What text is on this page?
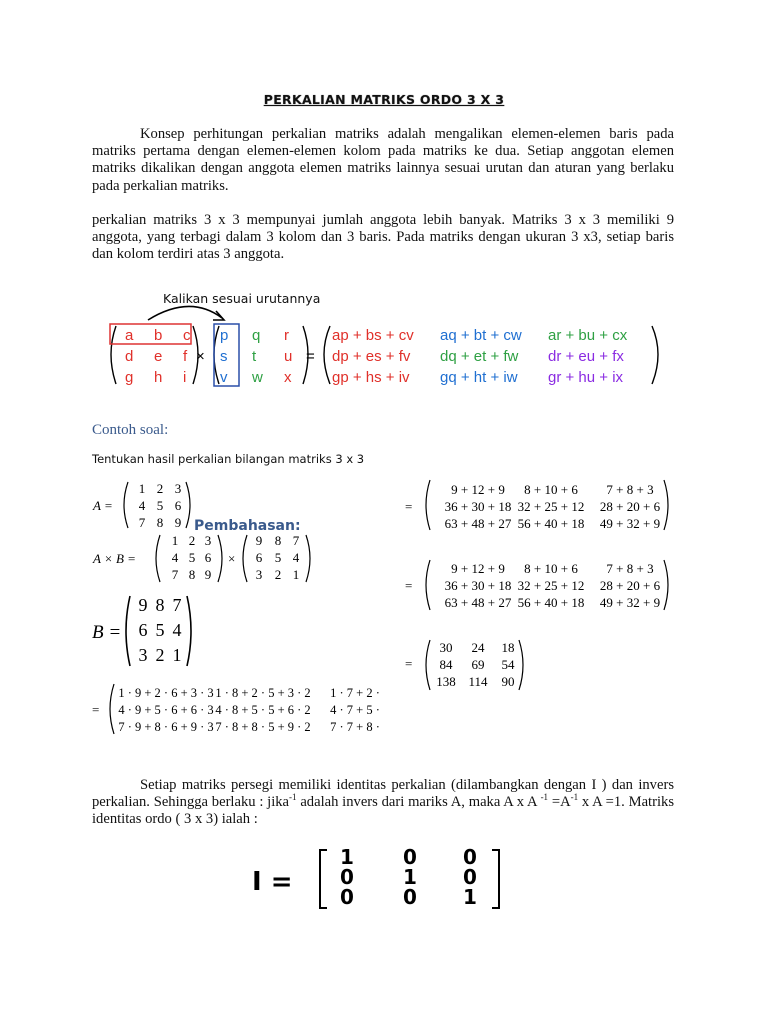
PERKALIAN MATRIKS ORDO 3 X 3

Konsep perhitungan perkalian matriks adalah mengalikan elemen-elemen baris pada matriks pertama dengan elemen-elemen kolom pada matriks ke dua. Setiap anggotan elemen matriks dikalikan dengan anggota elemen matriks lainnya sesuai urutan dan aturan yang berlaku pada perkalian matriks.

perkalian matriks 3 x 3 mempunyai jumlah anggota lebih banyak. Matriks 3 x 3 memiliki 9 anggota, yang terbagi dalam 3 kolom dan 3 baris. Pada matriks dengan ukuran 3 x3, setiap baris dan kolom terdiri atas 3 anggota.

Kalikan sesuai urutannya
a b c
d e f
g h i
p q r
s t u
v w x
×	=
ap + bs + cv aq + bt + cw ar + bu + cx
dp + es + fv dq + et + fw dr + eu + fx
gp + hs + iv gq + ht + iw gr + hu + ix
Contoh soal:
Tentukan hasil perkalian bilangan matriks 3 x 3
A =
1 2 3
4 5 6
7 8 9
A × B =
1 2 3
4 5 6
7 8 9
×
9 8 7
6 5 4
3 2 1
B =
9 8 7
6 5 4
3 2 1
=
1 · 9 + 2 · 6 + 3 · 3 1 · 8 + 2 · 5 + 3 · 2 1 · 7 + 2 ·
4 · 9 + 5 · 6 + 6 · 3 4 · 8 + 5 · 5 + 6 · 2 4 · 7 + 5 ·
7 · 9 + 8 · 6 + 9 · 3 7 · 8 + 8 · 5 + 9 · 2 7 · 7 + 8 ·
=
9 + 12 + 9 8 + 10 + 6 7 + 8 + 3
36 + 30 + 18 32 + 25 + 12 28 + 20 + 6
63 + 48 + 27 56 + 40 + 18 49 + 32 + 9
=
9 + 12 + 9 8 + 10 + 6 7 + 8 + 3
36 + 30 + 18 32 + 25 + 12 28 + 20 + 6
63 + 48 + 27 56 + 40 + 18 49 + 32 + 9
=
30 24 18
84 69 54
138 114 90
Pembahasan:

Setiap matriks persegi memiliki identitas perkalian (dilambangkan dengan I ) dan invers perkalian. Sehingga berlaku : jika$^{-1}$ adalah invers dari mariks A, maka A x A $^{-1} =A^{-1}$ x A =1. Matriks identitas ordo ( 3 x 3) ialah :

I =
1 0 0
0 1 0
0 0 1
